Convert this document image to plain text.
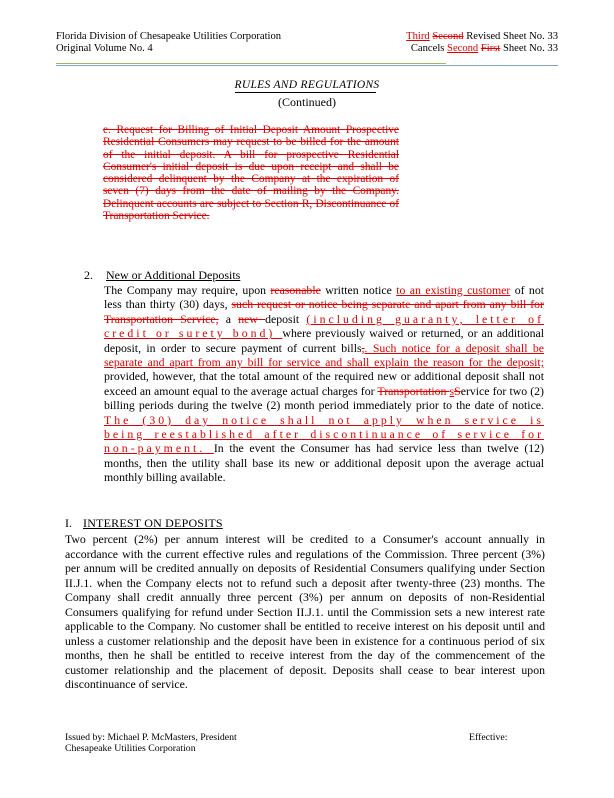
Florida Division of Chesapeake Utilities Corporation
Original Volume No. 4
Third Second Revised Sheet No. 33
Cancels Second First Sheet No. 33
RULES AND REGULATIONS
(Continued)
e. Request for Billing of Initial Deposit Amount Prospective Residential Consumers may request to be billed for the amount of the initial deposit. A bill for prospective Residential Consumer's initial deposit is due upon receipt and shall be considered delinquent by the Company at the expiration of seven (7) days from the date of mailing by the Company. Delinquent accounts are subject to Section R, Discontinuance of Transportation Service.
2. New or Additional Deposits
The Company may require, upon reasonable written notice to an existing customer of not less than thirty (30) days, such request or notice being separate and apart from any bill for Transportation Service, a new deposit (including guaranty, letter of credit or surety bond) where previously waived or returned, or an additional deposit, in order to secure payment of current bills,. Such notice for a deposit shall be separate and apart from any bill for service and shall explain the reason for the deposit; provided, however, that the total amount of the required new or additional deposit shall not exceed an amount equal to the average actual charges for Transportation sService for two (2) billing periods during the twelve (2) month period immediately prior to the date of notice. The (30) day notice shall not apply when service is being reestablished after discontinuance of service for non-payment. In the event the Consumer has had service less than twelve (12) months, then the utility shall base its new or additional deposit upon the average actual monthly billing available.
I. INTEREST ON DEPOSITS
Two percent (2%) per annum interest will be credited to a Consumer's account annually in accordance with the current effective rules and regulations of the Commission. Three percent (3%) per annum will be credited annually on deposits of Residential Consumers qualifying under Section II.J.1. when the Company elects not to refund such a deposit after twenty-three (23) months. The Company shall credit annually three percent (3%) per annum on deposits of non-Residential Consumers qualifying for refund under Section II.J.1. until the Commission sets a new interest rate applicable to the Company. No customer shall be entitled to receive interest on his deposit until and unless a customer relationship and the deposit have been in existence for a continuous period of six months, then he shall be entitled to receive interest from the day of the commencement of the customer relationship and the placement of deposit. Deposits shall cease to bear interest upon discontinuance of service.
Issued by: Michael P. McMasters, President
Chesapeake Utilities Corporation
Effective:
